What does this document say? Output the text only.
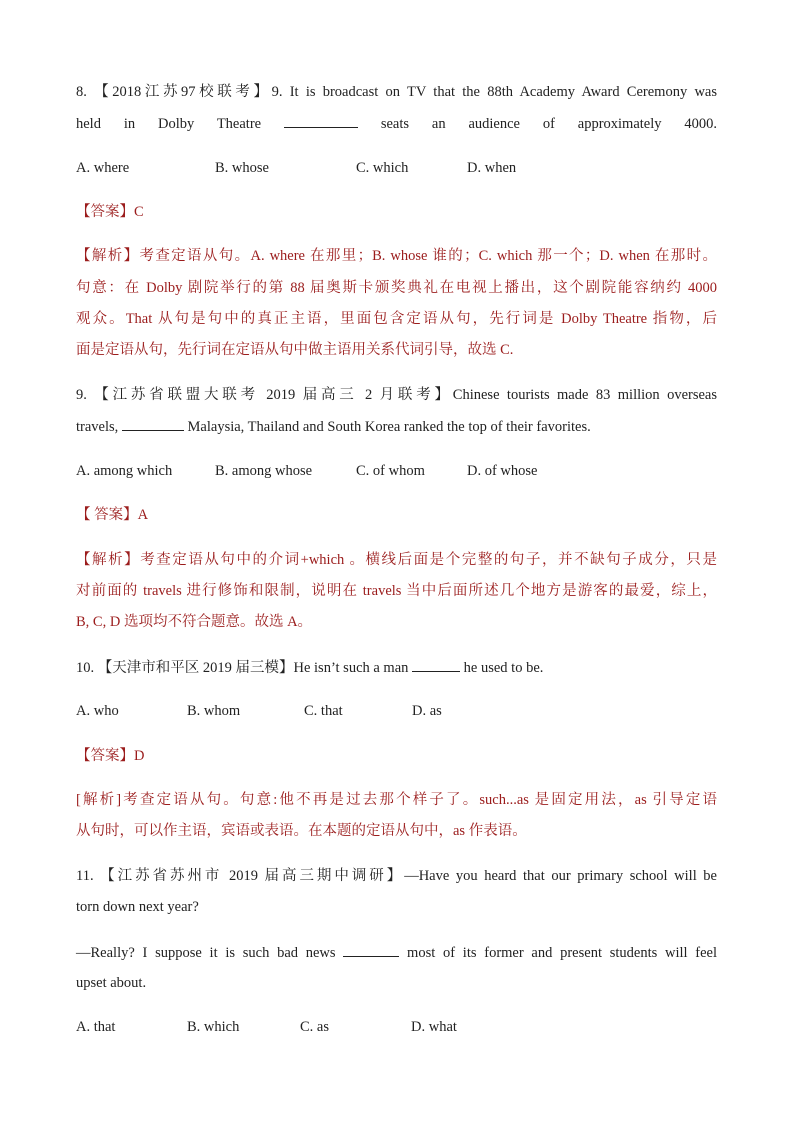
8. 【2018江苏97校联考】9. It is broadcast on TV that the 88th Academy Award Ceremony was
held in Dolby Theatre	seats an audience of approximately 4000.
A. where	B. whose	C. which	D. when
【答案】C
【解析】考查定语从句。A. where 在那里；B. whose 谁的；C. which 那一个；D. when 在那时。
句意：在 Dolby 剧院举行的第 88 届奥斯卡颁奖典礼在电视上播出，这个剧院能容纳约 4000
观众。That 从句是句中的真正主语，里面包含定语从句，先行词是 Dolby Theatre 指物，后
面是定语从句，先行词在定语从句中做主语用关系代词引导，故选 C.
9. 【江苏省联盟大联考 2019 届高三 2 月联考】Chinese tourists made 83 million overseas
travels,	Malaysia, Thailand and South Korea ranked the top of their favorites.
A. among which	B. among whose	C. of whom	D. of whose
【 答案】A
【解析】考查定语从句中的介词+which 。横线后面是个完整的句子，并不缺句子成分，只是
对前面的 travels 进行修饰和限制，说明在 travels 当中后面所述几个地方是游客的最爱，综上，
B, C, D 选项均不符合题意。故选 A。
10. 【天津市和平区 2019 届三模】He isn’t such a man	he used to be.
A. who	B. whom	C. that	D. as
【答案】D
[解析]考查定语从句。句意:他不再是过去那个样子了。such...as 是固定用法，as 引导定语
从句时，可以作主语，宾语或表语。在本题的定语从句中，as 作表语。
11. 【江苏省苏州市 2019 届高三期中调研】—Have you heard that our primary school will be
torn down next year?
—Really? I suppose it is such bad news	most of its former and present students will feel
upset about.
A. that	B. which	C. as	D. what
